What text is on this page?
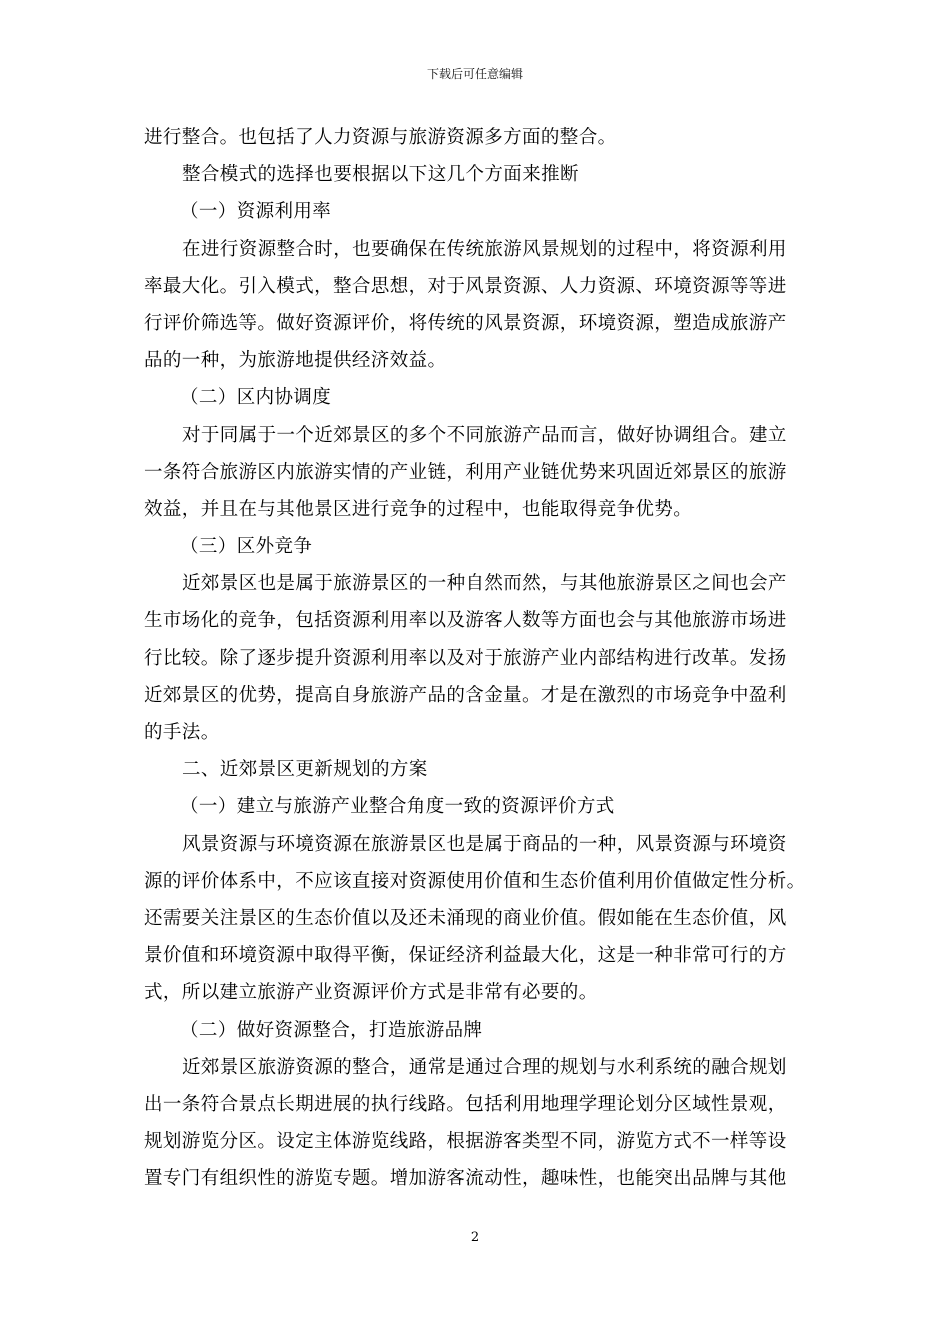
下载后可任意编辑
进行整合。也包括了人力资源与旅游资源多方面的整合。
整合模式的选择也要根据以下这几个方面来推断
（一）资源利用率
在进行资源整合时，也要确保在传统旅游风景规划的过程中，将资源利用
率最大化。引入模式，整合思想，对于风景资源、人力资源、环境资源等等进
行评价筛选等。做好资源评价，将传统的风景资源，环境资源，塑造成旅游产
品的一种，为旅游地提供经济效益。
（二）区内协调度
对于同属于一个近郊景区的多个不同旅游产品而言，做好协调组合。建立
一条符合旅游区内旅游实情的产业链，利用产业链优势来巩固近郊景区的旅游
效益，并且在与其他景区进行竞争的过程中，也能取得竞争优势。
（三）区外竞争
近郊景区也是属于旅游景区的一种自然而然，与其他旅游景区之间也会产
生市场化的竞争，包括资源利用率以及游客人数等方面也会与其他旅游市场进
行比较。除了逐步提升资源利用率以及对于旅游产业内部结构进行改革。发扬
近郊景区的优势，提高自身旅游产品的含金量。才是在激烈的市场竞争中盈利
的手法。
二、近郊景区更新规划的方案
（一）建立与旅游产业整合角度一致的资源评价方式
风景资源与环境资源在旅游景区也是属于商品的一种，风景资源与环境资
源的评价体系中，不应该直接对资源使用价值和生态价值利用价值做定性分析。
还需要关注景区的生态价值以及还未涌现的商业价值。假如能在生态价值，风
景价值和环境资源中取得平衡，保证经济利益最大化，这是一种非常可行的方
式，所以建立旅游产业资源评价方式是非常有必要的。
（二）做好资源整合，打造旅游品牌
近郊景区旅游资源的整合，通常是通过合理的规划与水利系统的融合规划
出一条符合景点长期进展的执行线路。包括利用地理学理论划分区域性景观，
规划游览分区。设定主体游览线路，根据游客类型不同，游览方式不一样等设
置专门有组织性的游览专题。增加游客流动性，趣味性，也能突出品牌与其他
2
